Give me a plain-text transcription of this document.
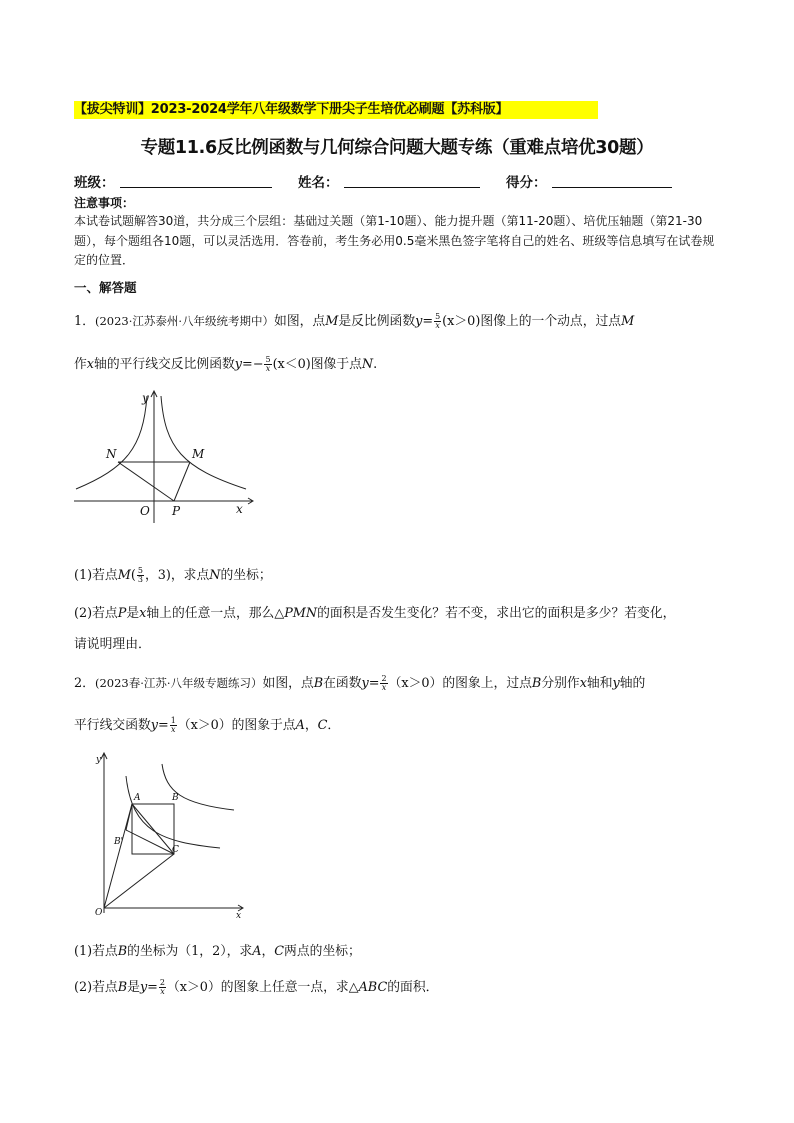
【拔尖特训】2023-2024学年八年级数学下册尖子生培优必刷题【苏科版】
专题11.6反比例函数与几何综合问题大题专练（重难点培优30题）
班级：	姓名：	得分：
注意事项：
本试卷试题解答30道，共分成三个层组：基础过关题（第1-10题）、能力提升题（第11-20题）、培优压轴题（第21-30题），每个题组各10题，可以灵活选用．答卷前，考生务必用0.5毫米黑色签字笔将自己的姓名、班级等信息填写在试卷规定的位置．
一、解答题
1．(2023·江苏泰州·八年级统考期中）如图，点M是反比例函数$y= \frac{5}{x} (x>0)$图像上的一个动点，过点M
作x轴的平行线交反比例函数$y=- \frac{5}{x} (x<0)$图像于点N.
y
x
O
N	M
P
(1)若点$M( \frac{5}{3}$ ，3)，求点N的坐标；
(2)若点P是x轴上的任意一点，那么△PMN的面积是否发生变化？若不变，求出它的面积是多少？若变化，
请说明理由．
2．(2023春·江苏·八年级专题练习）如图，点B在函数$y= \frac{2}{x} (x>0)$的图象上，过点B分别作x轴和y轴的
平行线交函数$y= \frac{1}{x} (x>0)$的图象于点A，C．
y
x
O
A	B
B'
C
(1)若点B的坐标为（1，2），求A，C两点的坐标；
(2)若点B是$y= \frac{2}{x} (x>0)$的图象上任意一点，求△ABC的面积．
